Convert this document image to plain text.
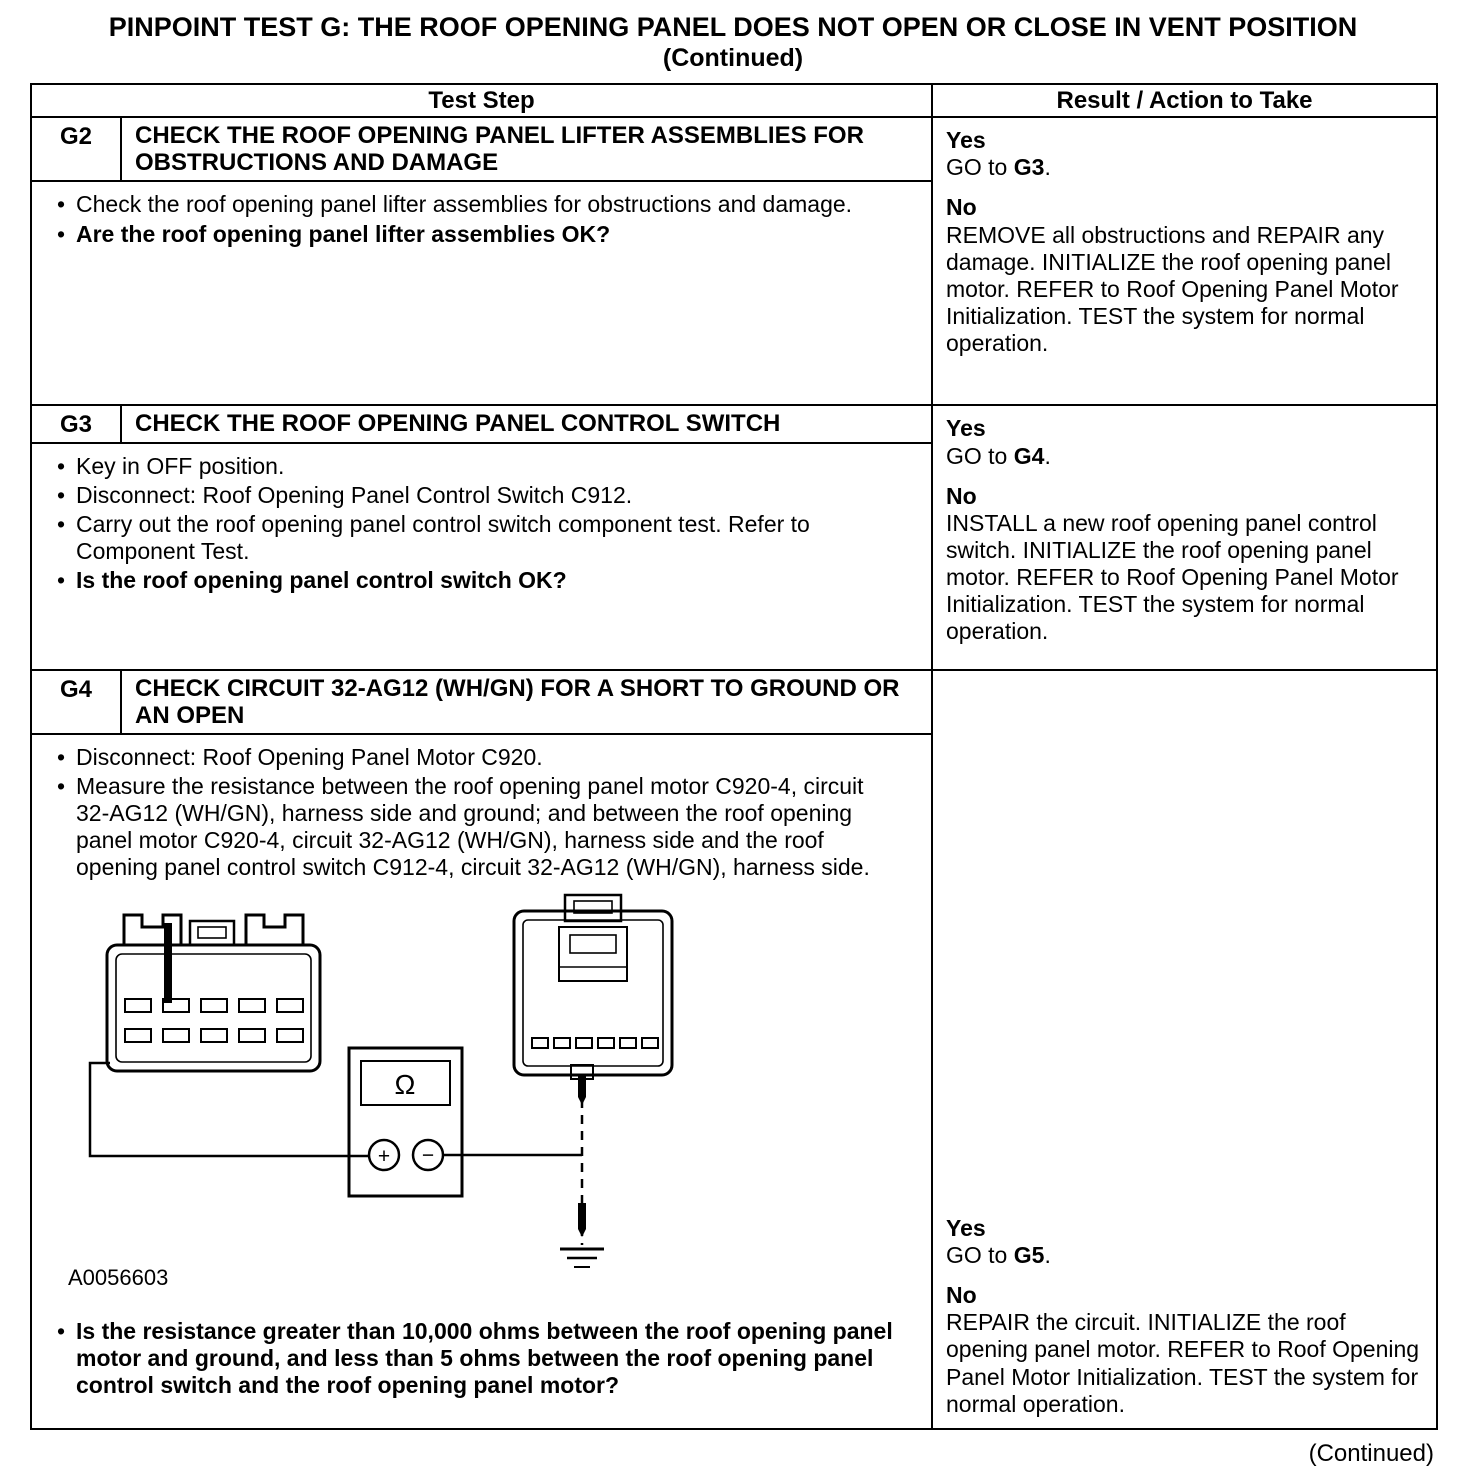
PINPOINT TEST G: THE ROOF OPENING PANEL DOES NOT OPEN OR CLOSE IN VENT POSITION
(Continued)
Test Step		Result / Action to Take
G2	CHECK THE ROOF OPENING PANEL LIFTER ASSEMBLIES FOR OBSTRUCTIONS AND DAMAGE	Yes
GO to G3.
No
REMOVE all obstructions and REPAIR any damage. INITIALIZE the roof opening panel motor. REFER to Roof Opening Panel Motor Initialization. TEST the system for normal operation.

• Check the roof opening panel lifter assemblies for obstructions and damage.
• Are the roof opening panel lifter assemblies OK?		

G3	CHECK THE ROOF OPENING PANEL CONTROL SWITCH	Yes
GO to G4.
No
INSTALL a new roof opening panel control switch. INITIALIZE the roof opening panel motor. REFER to Roof Opening Panel Motor Initialization. TEST the system for normal operation.

• Key in OFF position.
• Disconnect: Roof Opening Panel Control Switch C912.
• Carry out the roof opening panel control switch component test. Refer to Component Test.
• Is the roof opening panel control switch OK?

G4	CHECK CIRCUIT 32-AG12 (WH/GN) FOR A SHORT TO GROUND OR AN OPEN	Yes
GO to G5.
No
REPAIR the circuit. INITIALIZE the roof opening panel motor. REFER to Roof Opening Panel Motor Initialization. TEST the system for normal operation.

• Disconnect: Roof Opening Panel Motor C920.
• Measure the resistance between the roof opening panel motor C920-4, circuit 32-AG12 (WH/GN), harness side and ground; and between the roof opening panel motor C920-4, circuit 32-AG12 (WH/GN), harness side and the roof opening panel control switch C912-4, circuit 32-AG12 (WH/GN), harness side.
Ω
+ −
A0056603
• Is the resistance greater than 10,000 ohms between the roof opening panel motor and ground, and less than 5 ohms between the roof opening panel control switch and the roof opening panel motor?
(Continued)
